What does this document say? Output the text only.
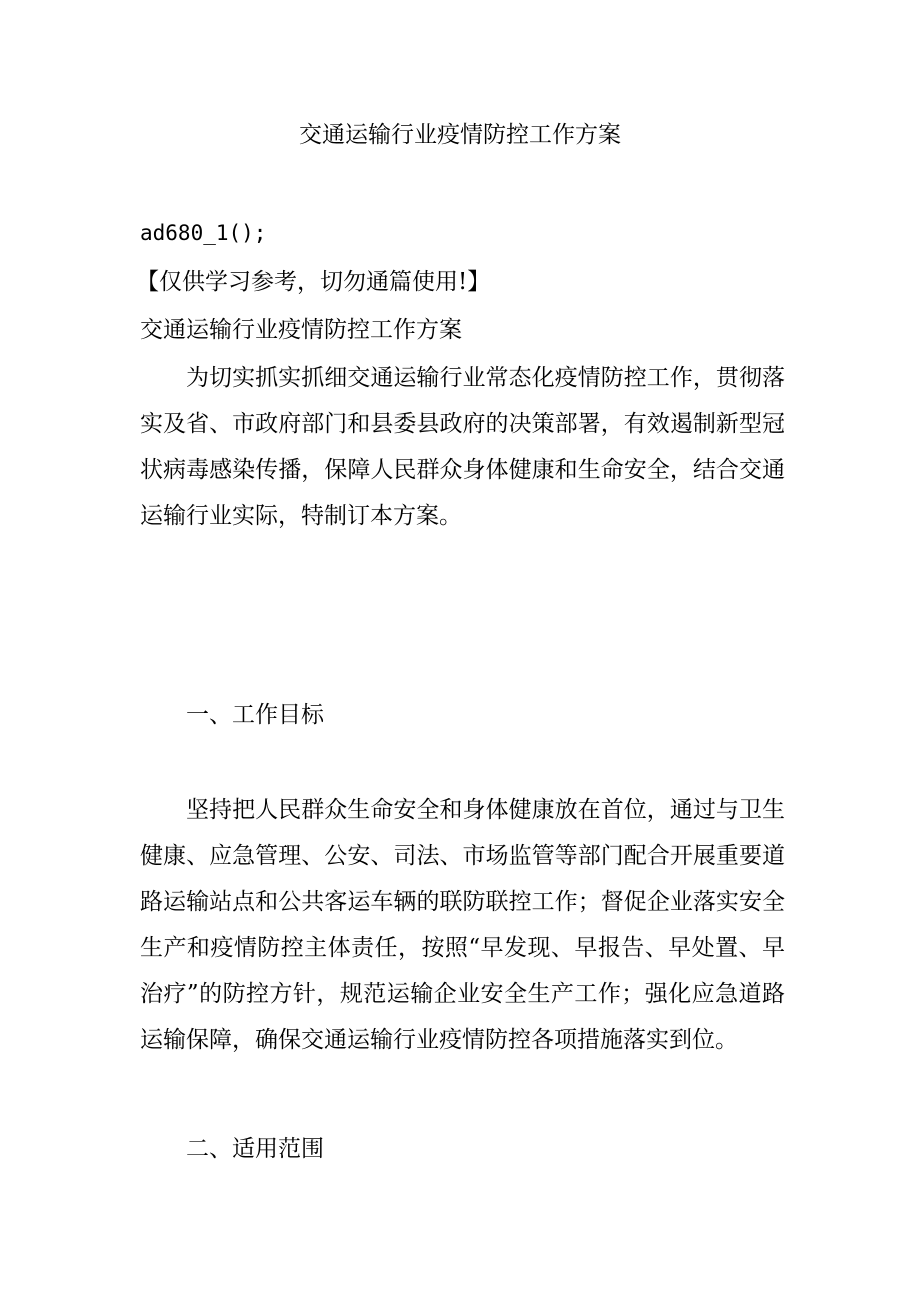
交通运输行业疫情防控工作方案

ad680_1();

【仅供学习参考，切勿通篇使用!】

交通运输行业疫情防控工作方案

为切实抓实抓细交通运输行业常态化疫情防控工作，贯彻落实及省、市政府部门和县委县政府的决策部署，有效遏制新型冠状病毒感染传播，保障人民群众身体健康和生命安全，结合交通运输行业实际，特制订本方案。

一、工作目标

坚持把人民群众生命安全和身体健康放在首位，通过与卫生健康、应急管理、公安、司法、市场监管等部门配合开展重要道路运输站点和公共客运车辆的联防联控工作；督促企业落实安全生产和疫情防控主体责任，按照“早发现、早报告、早处置、早治疗”的防控方针，规范运输企业安全生产工作；强化应急道路运输保障，确保交通运输行业疫情防控各项措施落实到位。

二、适用范围
